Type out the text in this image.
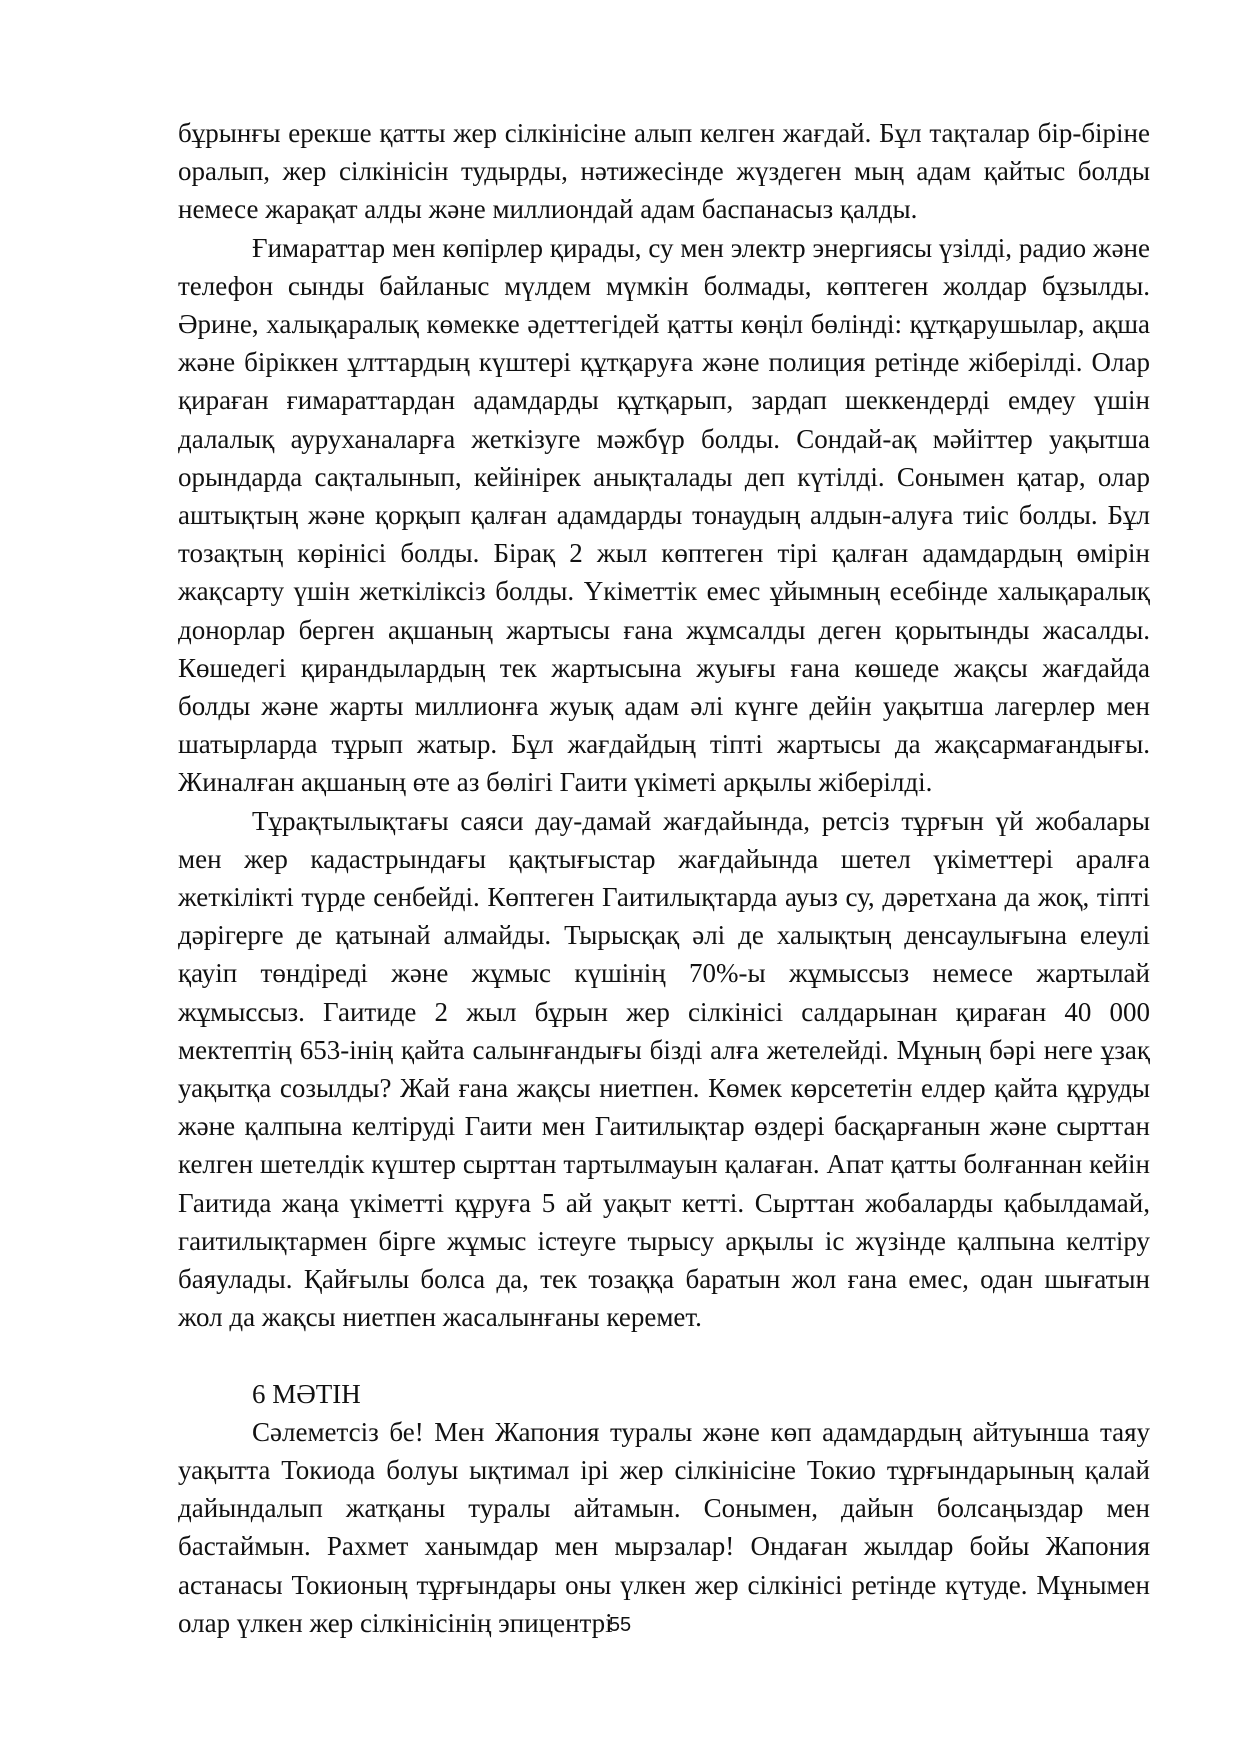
бұрынғы ерекше қатты жер сілкінісіне алып келген жағдай. Бұл тақталар бір-біріне оралып, жер сілкінісін тудырды, нәтижесінде жүздеген мың адам қайтыс болды немесе жарақат алды және миллиондай адам баспанасыз қалды.

Ғимараттар мен көпірлер қирады, су мен электр энергиясы үзілді, радио және телефон сынды байланыс мүлдем мүмкін болмады, көптеген жолдар бұзылды. Әрине, халықаралық көмекке әдеттегідей қатты көңіл бөлінді: құтқарушылар, ақша және біріккен ұлттардың күштері құтқаруға және полиция ретінде жіберілді. Олар қираған ғимараттардан адамдарды құтқарып, зардап шеккендерді емдеу үшін далалық ауруханаларға жеткізуге мәжбүр болды. Сондай-ақ мәйіттер уақытша орындарда сақталынып, кейінірек анықталады деп күтілді. Сонымен қатар, олар аштықтың және қорқып қалған адамдарды тонаудың алдын-алуға тиіс болды. Бұл тозақтың көрінісі болды. Бірақ 2 жыл көптеген тірі қалған адамдардың өмірін жақсарту үшін жеткіліксіз болды. Үкіметтік емес ұйымның есебінде халықаралық донорлар берген ақшаның жартысы ғана жұмсалды деген қорытынды жасалды. Көшедегі қирандылардың тек жартысына жуығы ғана көшеде жақсы жағдайда болды және жарты миллионға жуық адам әлі күнге дейін уақытша лагерлер мен шатырларда тұрып жатыр. Бұл жағдайдың тіпті жартысы да жақсармағандығы. Жиналған ақшаның өте аз бөлігі Гаити үкіметі арқылы жіберілді.

Тұрақтылықтағы саяси дау-дамай жағдайында, ретсіз тұрғын үй жобалары мен жер кадастрындағы қақтығыстар жағдайында шетел үкіметтері аралға жеткілікті түрде сенбейді. Көптеген Гаитилықтарда ауыз су, дәретхана да жоқ, тіпті дәрігерге де қатынай алмайды. Тырысқақ әлі де халықтың денсаулығына елеулі қауіп төндіреді және жұмыс күшінің 70%-ы жұмыссыз немесе жартылай жұмыссыз. Гаитиде 2 жыл бұрын жер сілкінісі салдарынан қираған 40 000 мектептің 653-інің қайта салынғандығы бізді алға жетелейді. Мұның бәрі неге ұзақ уақытқа созылды? Жай ғана жақсы ниетпен. Көмек көрсететін елдер қайта құруды және қалпына келтіруді Гаити мен Гаитилықтар өздері басқарғанын және сырттан келген шетелдік күштер сырттан тартылмауын қалаған. Апат қатты болғаннан кейін Гаитида жаңа үкіметті құруға 5 ай уақыт кетті. Сырттан жобаларды қабылдамай, гаитилықтармен бірге жұмыс істеуге тырысу арқылы іс жүзінде қалпына келтіру баяулады. Қайғылы болса да, тек тозаққа баратын жол ғана емес, одан шығатын жол да жақсы ниетпен жасалынғаны керемет.

6 МӘТІН

Сәлеметсіз бе! Мен Жапония туралы және көп адамдардың айтуынша таяу уақытта Токиода болуы ықтимал ірі жер сілкінісіне Токио тұрғындарының қалай дайындалып жатқаны туралы айтамын. Сонымен, дайын болсаңыздар мен бастаймын. Рахмет ханымдар мен мырзалар! Ондаған жылдар бойы Жапония астанасы Токионың тұрғындары оны үлкен жер сілкінісі ретінде күтуде. Мұнымен олар үлкен жер сілкінісінің эпицентрі

55
